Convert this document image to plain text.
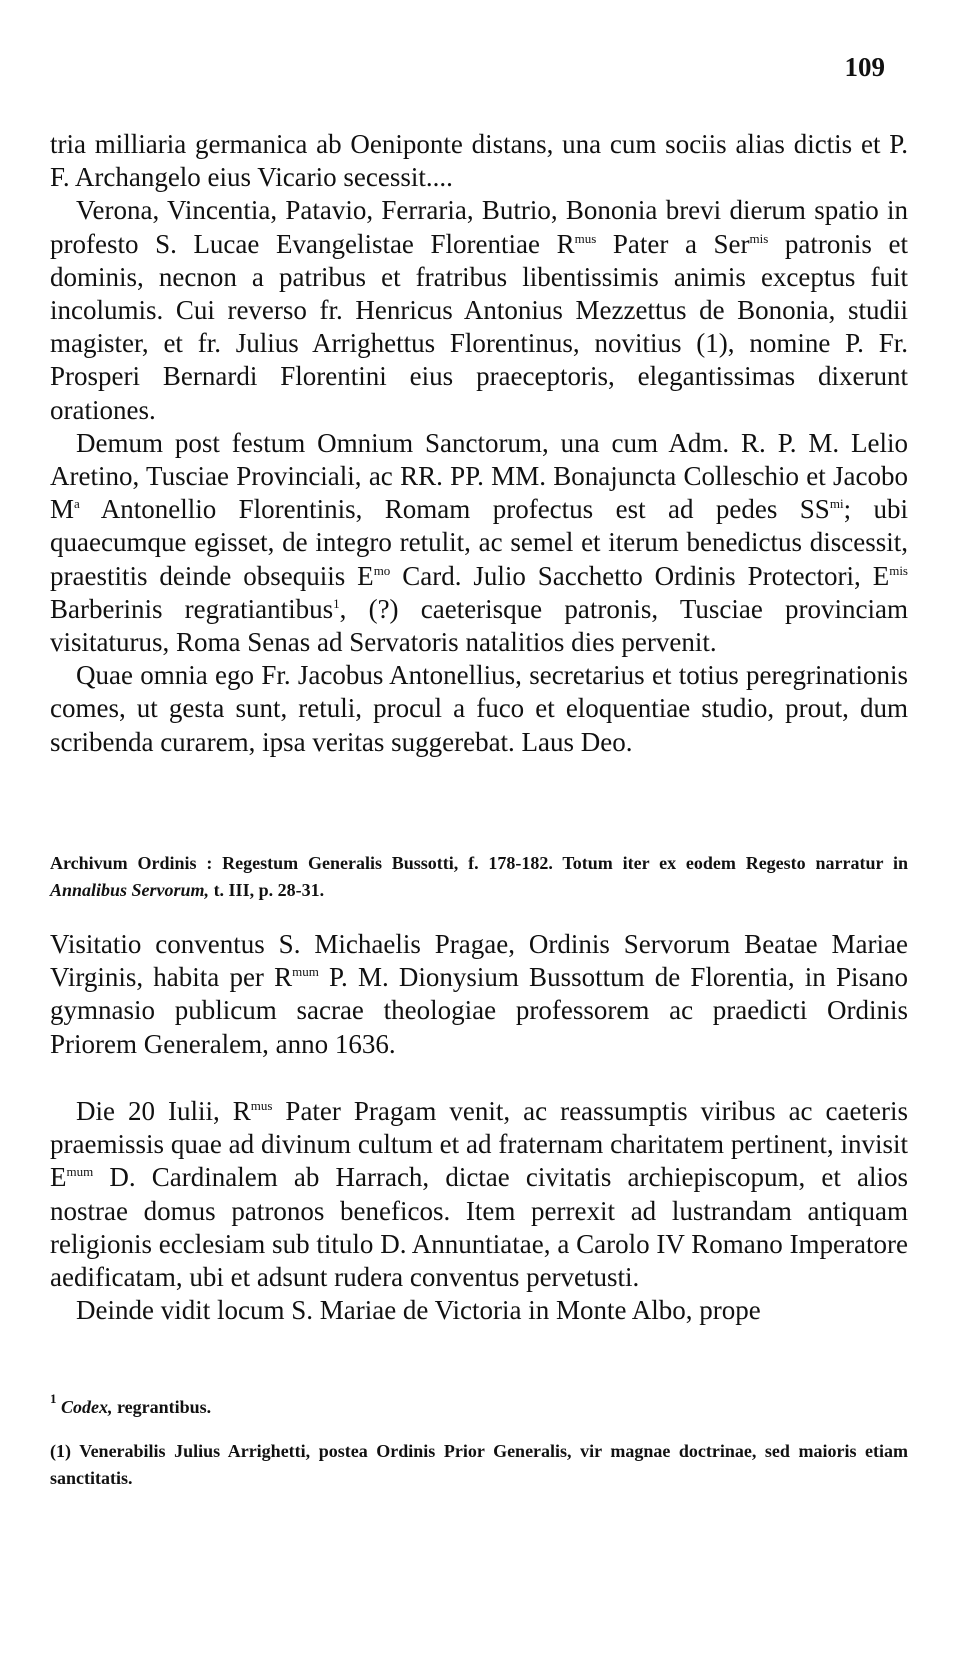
109

tria milliaria germanica ab Oeniponte distans, una cum sociis alias dictis et P. F. Archangelo eius Vicario secessit....

Verona, Vincentia, Patavio, Ferraria, Butrio, Bononia brevi dierum spatio in profesto S. Lucae Evangelistae Florentiae $R^{mus}$ Pater a Ser$^{mis}$ patronis et dominis, necnon a patribus et fratribus libentissimis animis exceptus fuit incolumis. Cui reverso fr. Henricus Antonius Mezzettus de Bononia, studii magister, et fr. Julius Arrighettus Florentinus, novitius (1), nomine P. Fr. Prosperi Bernardi Florentini eius praeceptoris, elegantissimas dixerunt orationes.

Demum post festum Omnium Sanctorum, una cum Adm. R. P. M. Lelio Aretino, Tusciae Provinciali, ac RR. PP. MM. Bonajuncta Colleschio et Jacobo $M^a$ Antonellio Florentinis, Romam profectus est ad pedes $SS^{mi}$; ubi quaecumque egisset, de integro retulit, ac semel et iterum benedictus discessit, praestitis deinde obsequiis $E^{mo}$ Card. Julio Sacchetto Ordinis Protectori, $E^{mis}$ Barberinis regratiantibus$^1$, (?) caeterisque patronis, Tusciae provinciam visitaturus, Roma Senas ad Servatoris natalitios dies pervenit.

Quae omnia ego Fr. Jacobus Antonellius, secretarius et totius peregrinationis comes, ut gesta sunt, retuli, procul a fuco et eloquentiae studio, prout, dum scribenda curarem, ipsa veritas suggerebat. Laus Deo.

Archivum Ordinis : Regestum Generalis Bussotti, f. 178-182. Totum iter ex eodem Regesto narratur in Annalibus Servorum, t. III, p. 28-31.

Visitatio conventus S. Michaelis Pragae, Ordinis Servorum Beatae Mariae Virginis, habita per $R^{mum}$ P. M. Dionysium Bussottum de Florentia, in Pisano gymnasio publicum sacrae theologiae professorem ac praedicti Ordinis Priorem Generalem, anno 1636.

Die 20 Iulii, $R^{mus}$ Pater Pragam venit, ac reassumptis viribus ac caeteris praemissis quae ad divinum cultum et ad fraternam charitatem pertinent, invisit $E^{mum}$ D. Cardinalem ab Harrach, dictae civitatis archiepiscopum, et alios nostrae domus patronos beneficos. Item perrexit ad lustrandam antiquam religionis ecclesiam sub titulo D. Annuntiatae, a Carolo IV Romano Imperatore aedificatam, ubi et adsunt rudera conventus pervetusti.

Deinde vidit locum S. Mariae de Victoria in Monte Albo, prope

$^1$ Codex, regrantibus.

(1) Venerabilis Julius Arrighetti, postea Ordinis Prior Generalis, vir magnae doctrinae, sed maioris etiam sanctitatis.
